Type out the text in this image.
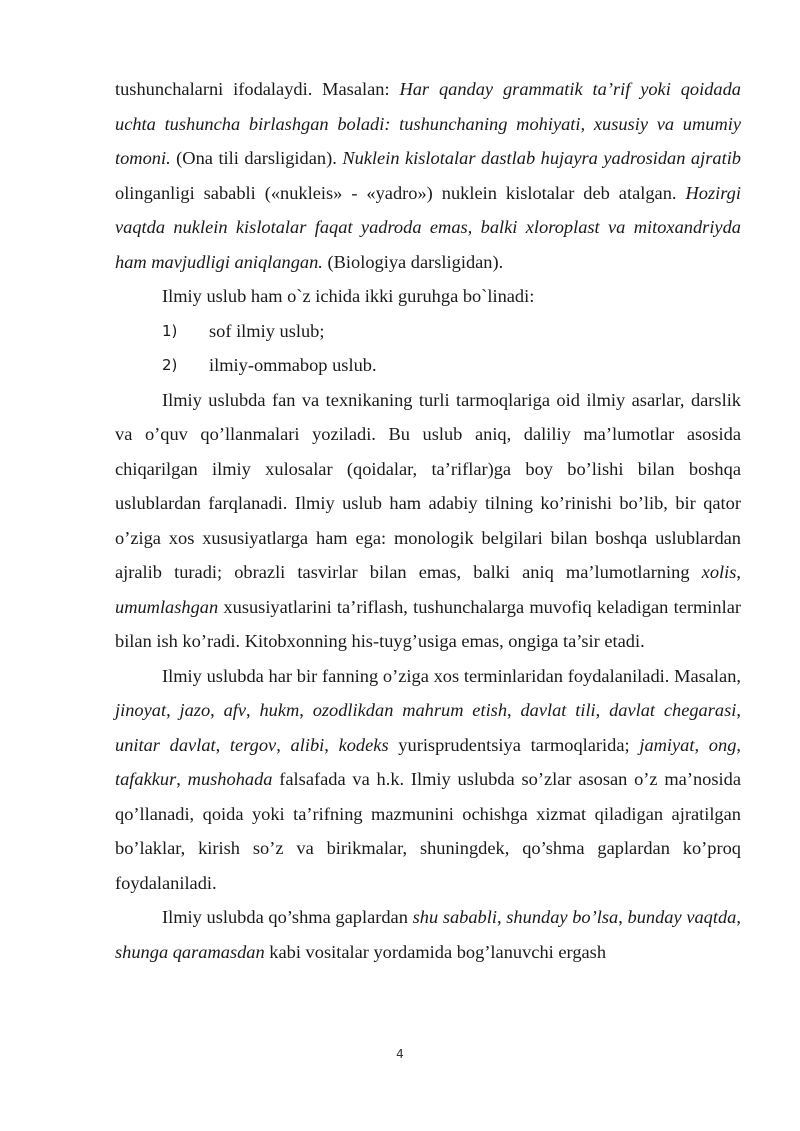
tushunchalarni ifodalaydi. Masalan: Har qanday grammatik ta’rif yoki qoidada uchta tushuncha birlashgan boladi: tushunchaning mohiyati, xususiy va umumiy tomoni. (Ona tili darsligidan). Nuklein kislotalar dastlab hujayra yadrosidan ajratib olinganligi sababli («nukleis» - «yadro») nuklein kislotalar deb atalgan. Hozirgi vaqtda nuklein kislotalar faqat yadroda emas, balki xloroplast va mitoxandriyda ham mavjudligi aniqlangan. (Biologiya darsligidan).

Ilmiy uslub ham o`z ichida ikki guruhga bo`linadi:

1)	sof ilmiy uslub;
2)	ilmiy-ommabop uslub.

Ilmiy uslubda fan va texnikaning turli tarmoqlariga oid ilmiy asarlar, darslik va o’quv qo’llanmalari yoziladi. Bu uslub aniq, daliliy ma’lumotlar asosida chiqarilgan ilmiy xulosalar (qoidalar, ta’riflar)ga boy bo’lishi bilan boshqa uslublardan farqlanadi. Ilmiy uslub ham adabiy tilning ko’rinishi bo’lib, bir qator o’ziga xos xususiyatlarga ham ega: monologik belgilari bilan boshqa uslublardan ajralib turadi; obrazli tasvirlar bilan emas, balki aniq ma’lumotlarning xolis, umumlashgan xususiyatlarini ta’riflash, tushunchalarga muvofiq keladigan terminlar bilan ish ko’radi. Kitobxonning his-tuyg’usiga emas, ongiga ta’sir etadi.

Ilmiy uslubda har bir fanning o’ziga xos terminlaridan foydalaniladi. Masalan, jinoyat, jazo, afv, hukm, ozodlikdan mahrum etish, davlat tili, davlat chegarasi, unitar davlat, tergov, alibi, kodeks yurisprudentsiya tarmoqlarida; jamiyat, ong, tafakkur, mushohada falsafada va h.k. Ilmiy uslubda so’zlar asosan o’z ma’nosida qo’llanadi, qoida yoki ta’rifning mazmunini ochishga xizmat qiladigan ajratilgan bo’laklar, kirish so’z va birikmalar, shuningdek, qo’shma gaplardan ko’proq foydalaniladi.

Ilmiy uslubda qo’shma gaplardan shu sababli, shunday bo’lsa, bunday vaqtda, shunga qaramasdan kabi vositalar yordamida bog’lanuvchi ergash

4
